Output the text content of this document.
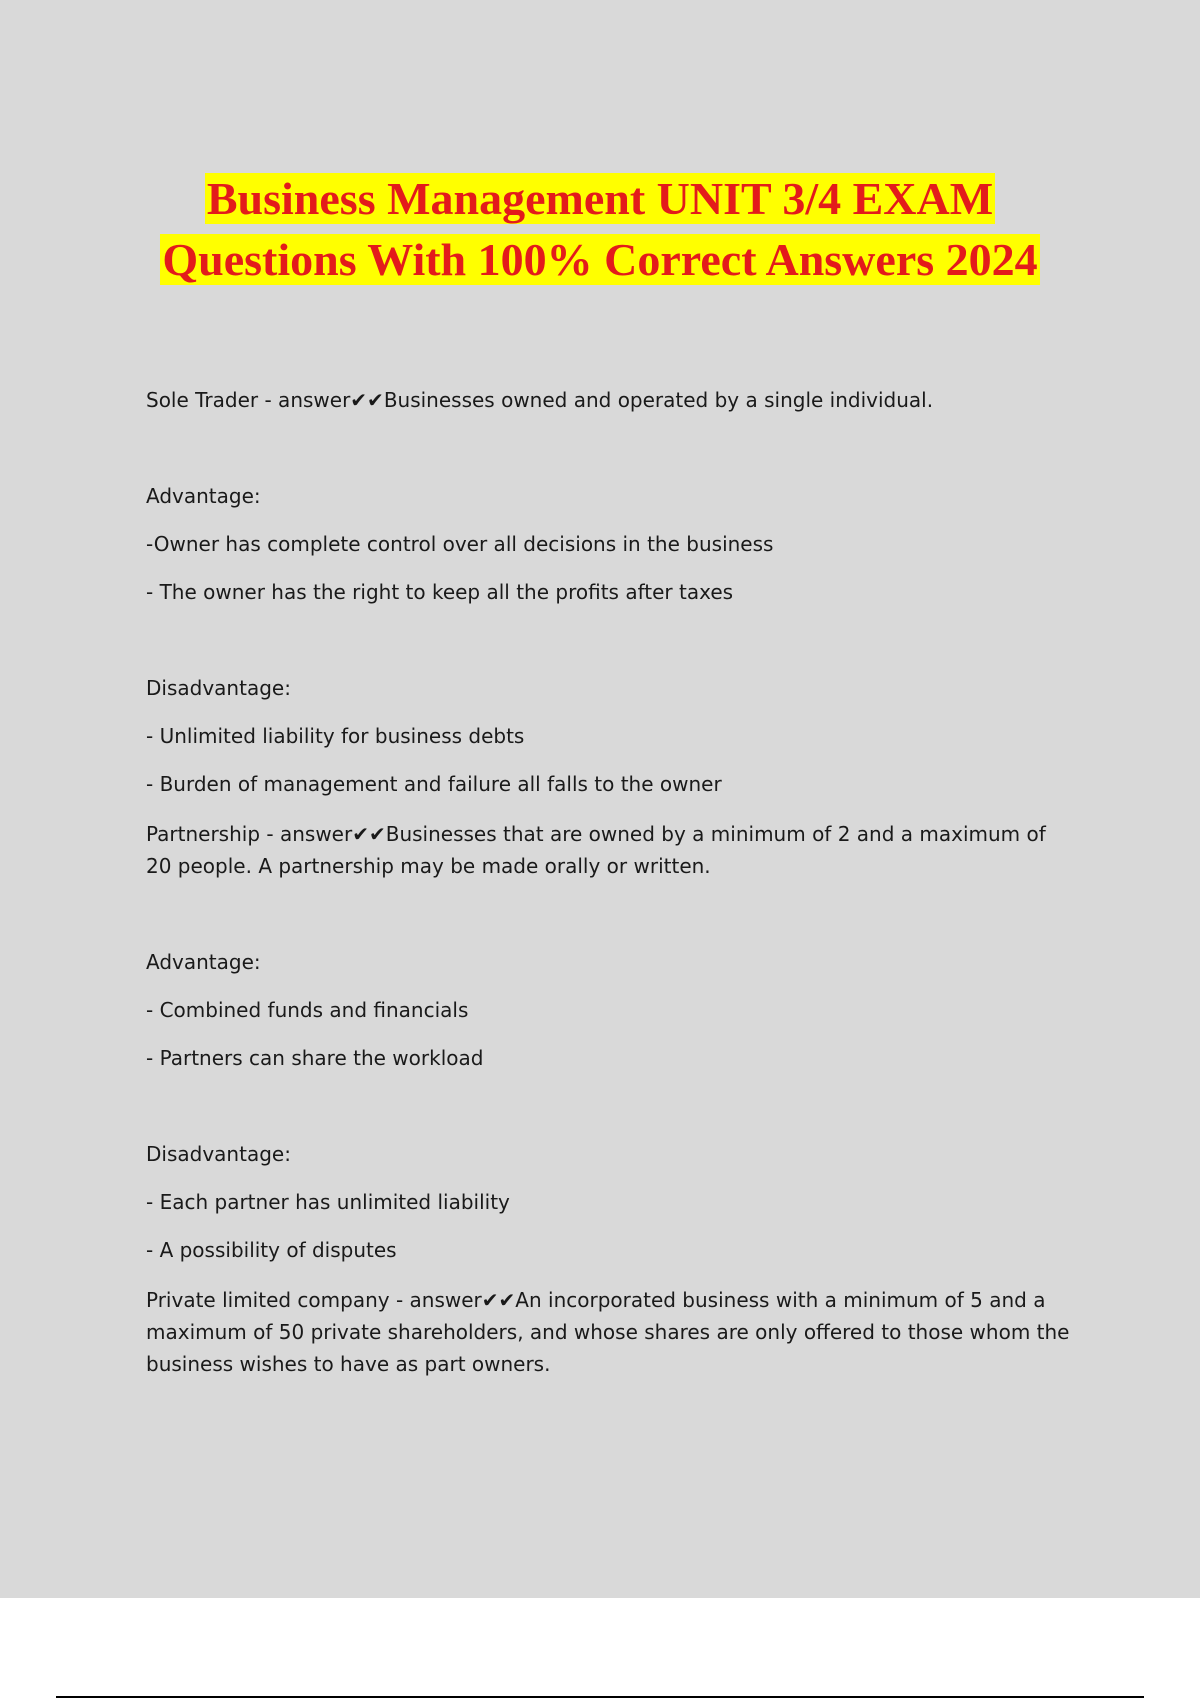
Business Management UNIT 3/4 EXAM
Questions With 100% Correct Answers 2024

Sole Trader - answer✔✔Businesses owned and operated by a single individual.

Advantage:

-Owner has complete control over all decisions in the business

- The owner has the right to keep all the profits after taxes

Disadvantage:

- Unlimited liability for business debts

- Burden of management and failure all falls to the owner

Partnership - answer✔✔Businesses that are owned by a minimum of 2 and a maximum of 20 people. A partnership may be made orally or written.

Advantage:

- Combined funds and financials

- Partners can share the workload

Disadvantage:

- Each partner has unlimited liability

- A possibility of disputes

Private limited company - answer✔✔An incorporated business with a minimum of 5 and a maximum of 50 private shareholders, and whose shares are only offered to those whom the business wishes to have as part owners.
